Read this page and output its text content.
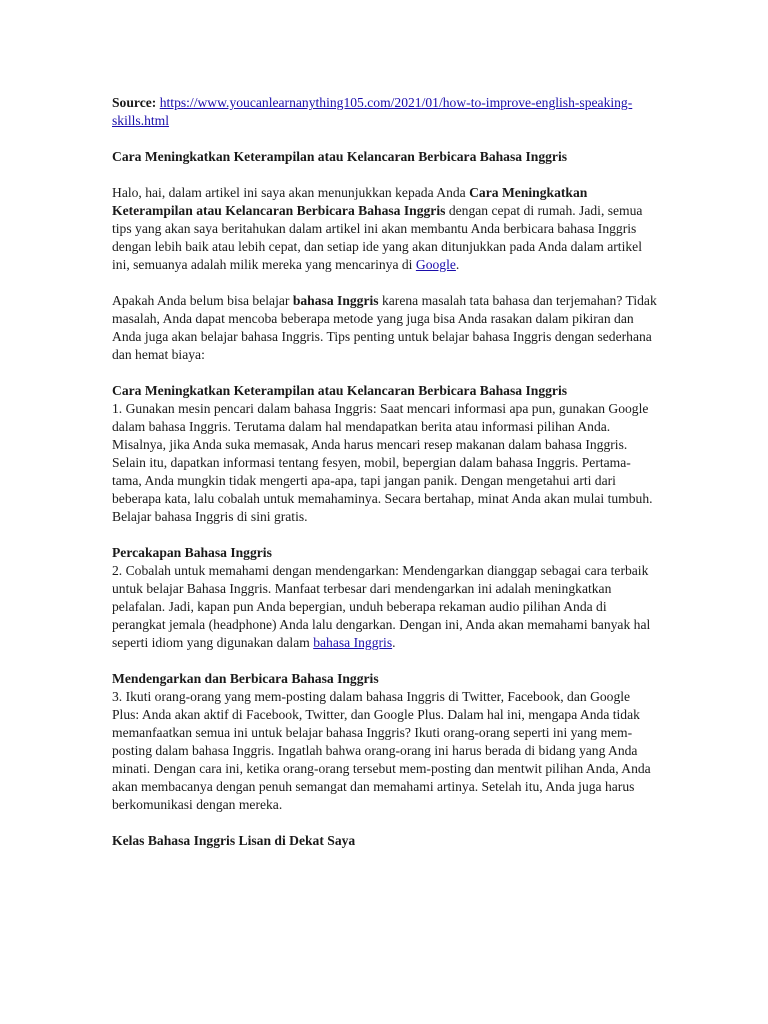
Source: https://www.youcanlearnanything105.com/2021/01/how-to-improve-english-speaking-skills.html

Cara Meningkatkan Keterampilan atau Kelancaran Berbicara Bahasa Inggris

Halo, hai, dalam artikel ini saya akan menunjukkan kepada Anda Cara Meningkatkan Keterampilan atau Kelancaran Berbicara Bahasa Inggris dengan cepat di rumah. Jadi, semua tips yang akan saya beritahukan dalam artikel ini akan membantu Anda berbicara bahasa Inggris dengan lebih baik atau lebih cepat, dan setiap ide yang akan ditunjukkan pada Anda dalam artikel ini, semuanya adalah milik mereka yang mencarinya di Google.

Apakah Anda belum bisa belajar bahasa Inggris karena masalah tata bahasa dan terjemahan? Tidak masalah, Anda dapat mencoba beberapa metode yang juga bisa Anda rasakan dalam pikiran dan Anda juga akan belajar bahasa Inggris. Tips penting untuk belajar bahasa Inggris dengan sederhana dan hemat biaya:

Cara Meningkatkan Keterampilan atau Kelancaran Berbicara Bahasa Inggris

1. Gunakan mesin pencari dalam bahasa Inggris: Saat mencari informasi apa pun, gunakan Google dalam bahasa Inggris. Terutama dalam hal mendapatkan berita atau informasi pilihan Anda. Misalnya, jika Anda suka memasak, Anda harus mencari resep makanan dalam bahasa Inggris. Selain itu, dapatkan informasi tentang fesyen, mobil, bepergian dalam bahasa Inggris. Pertama-tama, Anda mungkin tidak mengerti apa-apa, tapi jangan panik. Dengan mengetahui arti dari beberapa kata, lalu cobalah untuk memahaminya. Secara bertahap, minat Anda akan mulai tumbuh. Belajar bahasa Inggris di sini gratis.

Percakapan Bahasa Inggris

2. Cobalah untuk memahami dengan mendengarkan: Mendengarkan dianggap sebagai cara terbaik untuk belajar Bahasa Inggris. Manfaat terbesar dari mendengarkan ini adalah meningkatkan pelafalan. Jadi, kapan pun Anda bepergian, unduh beberapa rekaman audio pilihan Anda di perangkat jemala (headphone) Anda lalu dengarkan. Dengan ini, Anda akan memahami banyak hal seperti idiom yang digunakan dalam bahasa Inggris.

Mendengarkan dan Berbicara Bahasa Inggris

3. Ikuti orang-orang yang mem-posting dalam bahasa Inggris di Twitter, Facebook, dan Google Plus: Anda akan aktif di Facebook, Twitter, dan Google Plus. Dalam hal ini, mengapa Anda tidak memanfaatkan semua ini untuk belajar bahasa Inggris? Ikuti orang-orang seperti ini yang mem-posting dalam bahasa Inggris. Ingatlah bahwa orang-orang ini harus berada di bidang yang Anda minati. Dengan cara ini, ketika orang-orang tersebut mem-posting dan mentwit pilihan Anda, Anda akan membacanya dengan penuh semangat dan memahami artinya. Setelah itu, Anda juga harus berkomunikasi dengan mereka.

Kelas Bahasa Inggris Lisan di Dekat Saya
